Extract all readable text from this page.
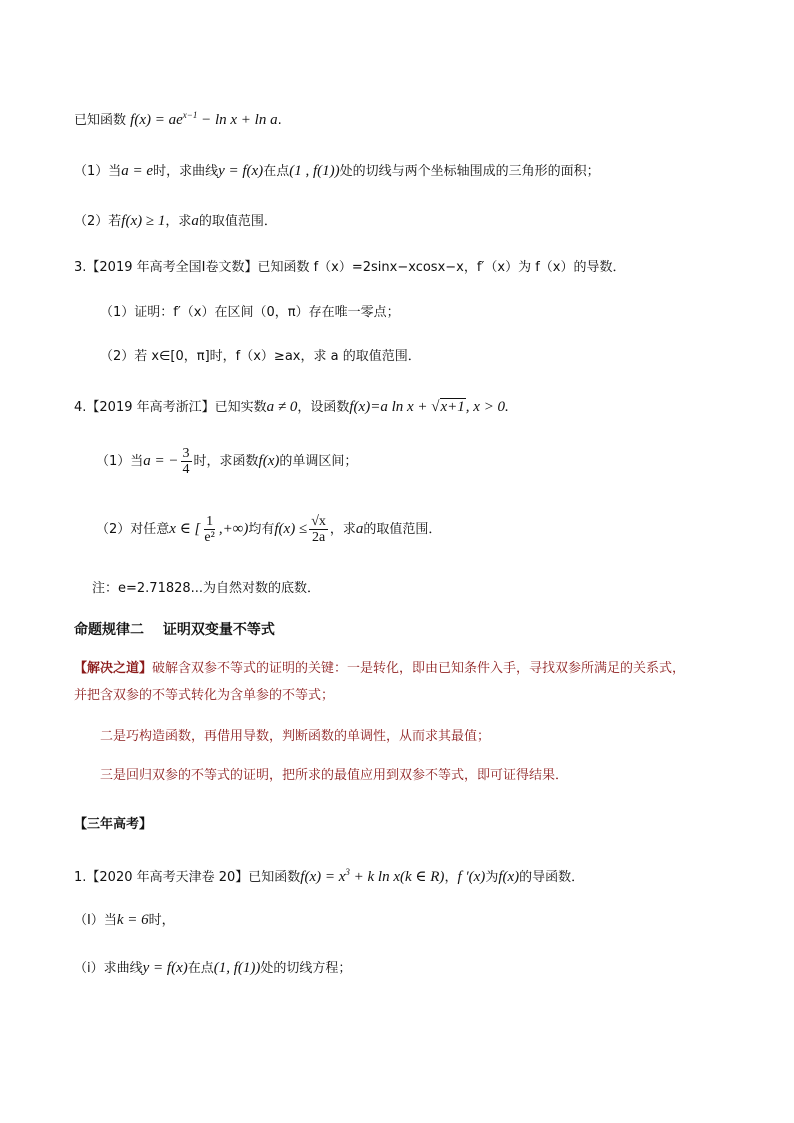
已知函数 $f(x) = ae^{x-1} - \ln x + \ln a$.
（1）当a = e时，求曲线y = f(x)在点(1 , f(1))处的切线与两个坐标轴围成的三角形的面积；
（2）若f(x) ≥ 1，求a的取值范围．
3.【2019 年高考全国Ⅰ卷文数】已知函数 f（x）=2sinx−xcosx−x，f′（x）为 f（x）的导数．
（1）证明：f′（x）在区间（0，π）存在唯一零点；
（2）若 x∈[0，π]时，f（x）≥ax，求 a 的取值范围．
4.【2019 年高考浙江】已知实数a ≠ 0，设函数f(x)=a ln x + √x+1, x > 0.
（1）当a = − $\frac{3}{4}$ 时，求函数f(x)的单调区间；
（2）对任意x ∈ [ $\frac{1}{\text{e²}}$ ,+∞)均有$f(x) \le \frac{√x}{2a}$ ，求a的取值范围．
注：e=2.71828...为自然对数的底数．
命题规律二　 证明双变量不等式
【解决之道】破解含双参不等式的证明的关键：一是转化，即由已知条件入手，寻找双参所满足的关系式，
并把含双参的不等式转化为含单参的不等式；
二是巧构造函数，再借用导数，判断函数的单调性，从而求其最值；
三是回归双参的不等式的证明，把所求的最值应用到双参不等式，即可证得结果．
【三年高考】
1.【2020 年高考天津卷 20】已知函数$f(x) = x^3 + k$ ln x(k ∈ R)，f ′(x)为f(x)的导函数．
（Ⅰ）当k = 6时，
（i）求曲线y = f(x)在点(1, f(1))处的切线方程；
